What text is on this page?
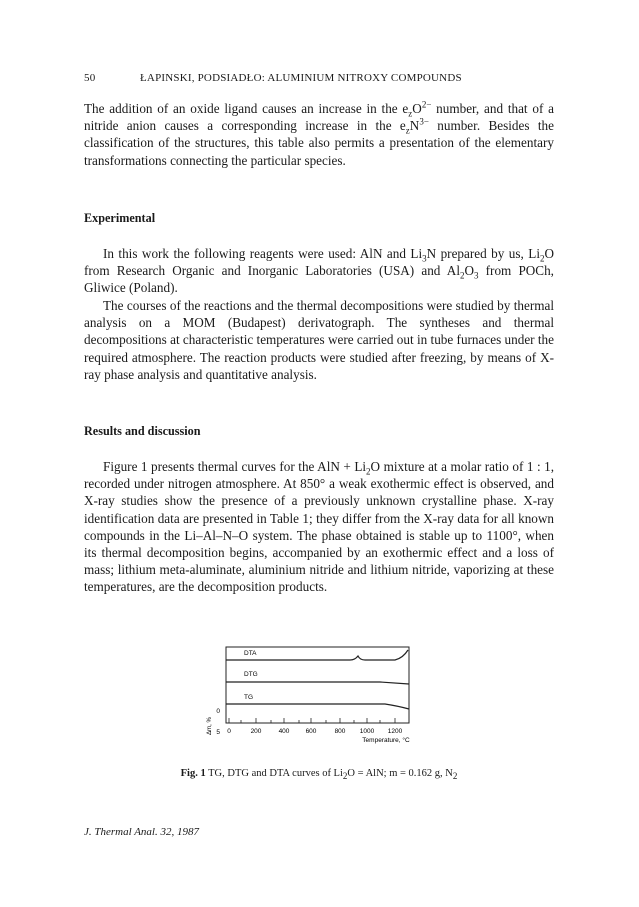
50	ŁAPINSKI, PODSIADŁO: ALUMINIUM NITROXY COMPOUNDS

The addition of an oxide ligand causes an increase in the $e_zO^{2-}$ number, and that of a nitride anion causes a corresponding increase in the $e_zN^{3-}$ number. Besides the classification of the structures, this table also permits a presentation of the elementary transformations connecting the particular species.

Experimental

In this work the following reagents were used: AlN and $Li_3N$ prepared by us, $Li_2O$ from Research Organic and Inorganic Laboratories (USA) and $Al_2O_3$ from POCh, Gliwice (Poland).

The courses of the reactions and the thermal decompositions were studied by thermal analysis on a MOM (Budapest) derivatograph. The syntheses and thermal decompositions at characteristic temperatures were carried out in tube furnaces under the required atmosphere. The reaction products were studied after freezing, by means of X-ray phase analysis and quantitative analysis.

Results and discussion

Figure 1 presents thermal curves for the AlN + $Li_2O$ mixture at a molar ratio of 1 : 1, recorded under nitrogen atmosphere. At 850° a weak exothermic effect is observed, and X-ray studies show the presence of a previously unknown crystalline phase. X-ray identification data are presented in Table 1; they differ from the X-ray data for all known compounds in the Li–Al–N–O system. The phase obtained is stable up to 1100°, when its thermal decomposition begins, accompanied by an exothermic effect and a loss of mass; lithium meta-aluminate, aluminium nitride and lithium nitride, vaporizing at these temperatures, are the decomposition products.

DTA
DTG
TG
0	200	400 600	800 1000 1200
Temperature, °C
0
5
Δm, %
Fig. 1 TG, DTG and DTA curves of $Li_2O$ = AlN; m = 0.162 g, $N_2$
J. Thermal Anal. 32, 1987
